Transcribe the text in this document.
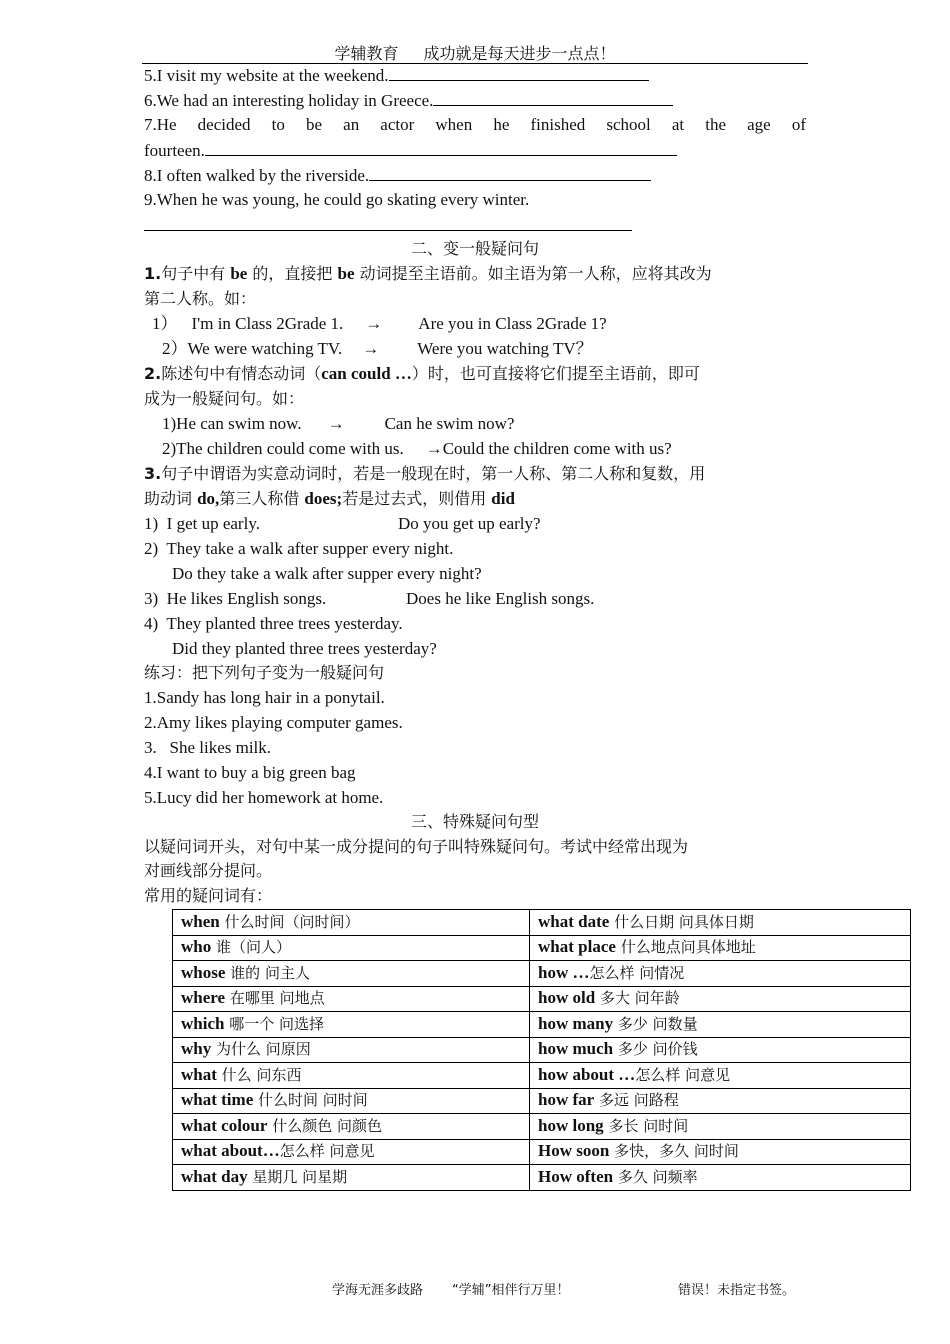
学辅教育 成功就是每天进步一点点！
5.I visit my website at the weekend.
6.We had an interesting holiday in Greece.
7.He decided to be an actor when he finished school at the age of
fourteen.
8.I often walked by the riverside.
9.When he was young, he could go skating every winter.
二、变一般疑问句
1.句子中有 be 的，直接把 be 动词提至主语前。如主语为第一人称，应将其改为
第二人称。如：
1） I'm in Class 2Grade 1. → Are you in Class 2Grade 1?
2）We were watching TV. → Were you watching TV？
2.陈述句中有情态动词（can could …）时，也可直接将它们提至主语前，即可
成为一般疑问句。如：
1)He can swim now. → Can he swim now?
2)The children could come with us. →Could the children come with us?
3.句子中谓语为实意动词时，若是一般现在时，第一人称、第二人称和复数，用
助动词 do,第三人称借 does;若是过去式，则借用 did
1)  I get up early.	Do you get up early?
2)  They take a walk after supper every night.
Do they take a walk after supper every night?
3)  He likes English songs.	Does he like English songs.
4)  They planted three trees yesterday.
Did they planted three trees yesterday?
练习：把下列句子变为一般疑问句
1.Sandy has long hair in a ponytail.
2.Amy likes playing computer games.
3.   She likes milk.
4.I want to buy a big green bag
5.Lucy did her homework at home.
三、特殊疑问句型
以疑问词开头，对句中某一成分提问的句子叫特殊疑问句。考试中经常出现为
对画线部分提问。
常用的疑问词有：
when 什么时间（问时间）	what date 什么日期 问具体日期
who 谁（问人）	what place 什么地点问具体地址
whose 谁的 问主人	how …怎么样 问情况
where 在哪里 问地点	how old 多大 问年龄
which 哪一个 问选择	how many 多少 问数量
why 为什么 问原因	how much 多少 问价钱
what 什么 问东西	how about …怎么样 问意见
what time 什么时间 问时间	how far 多远 问路程
what colour 什么颜色 问颜色	how long 多长 问时间
what about…怎么样 问意见	How soon 多快，多久 问时间
what day 星期几 问星期	How often 多久 问频率
学海无涯多歧路 “学辅”相伴行万里！	错误！未指定书签。
